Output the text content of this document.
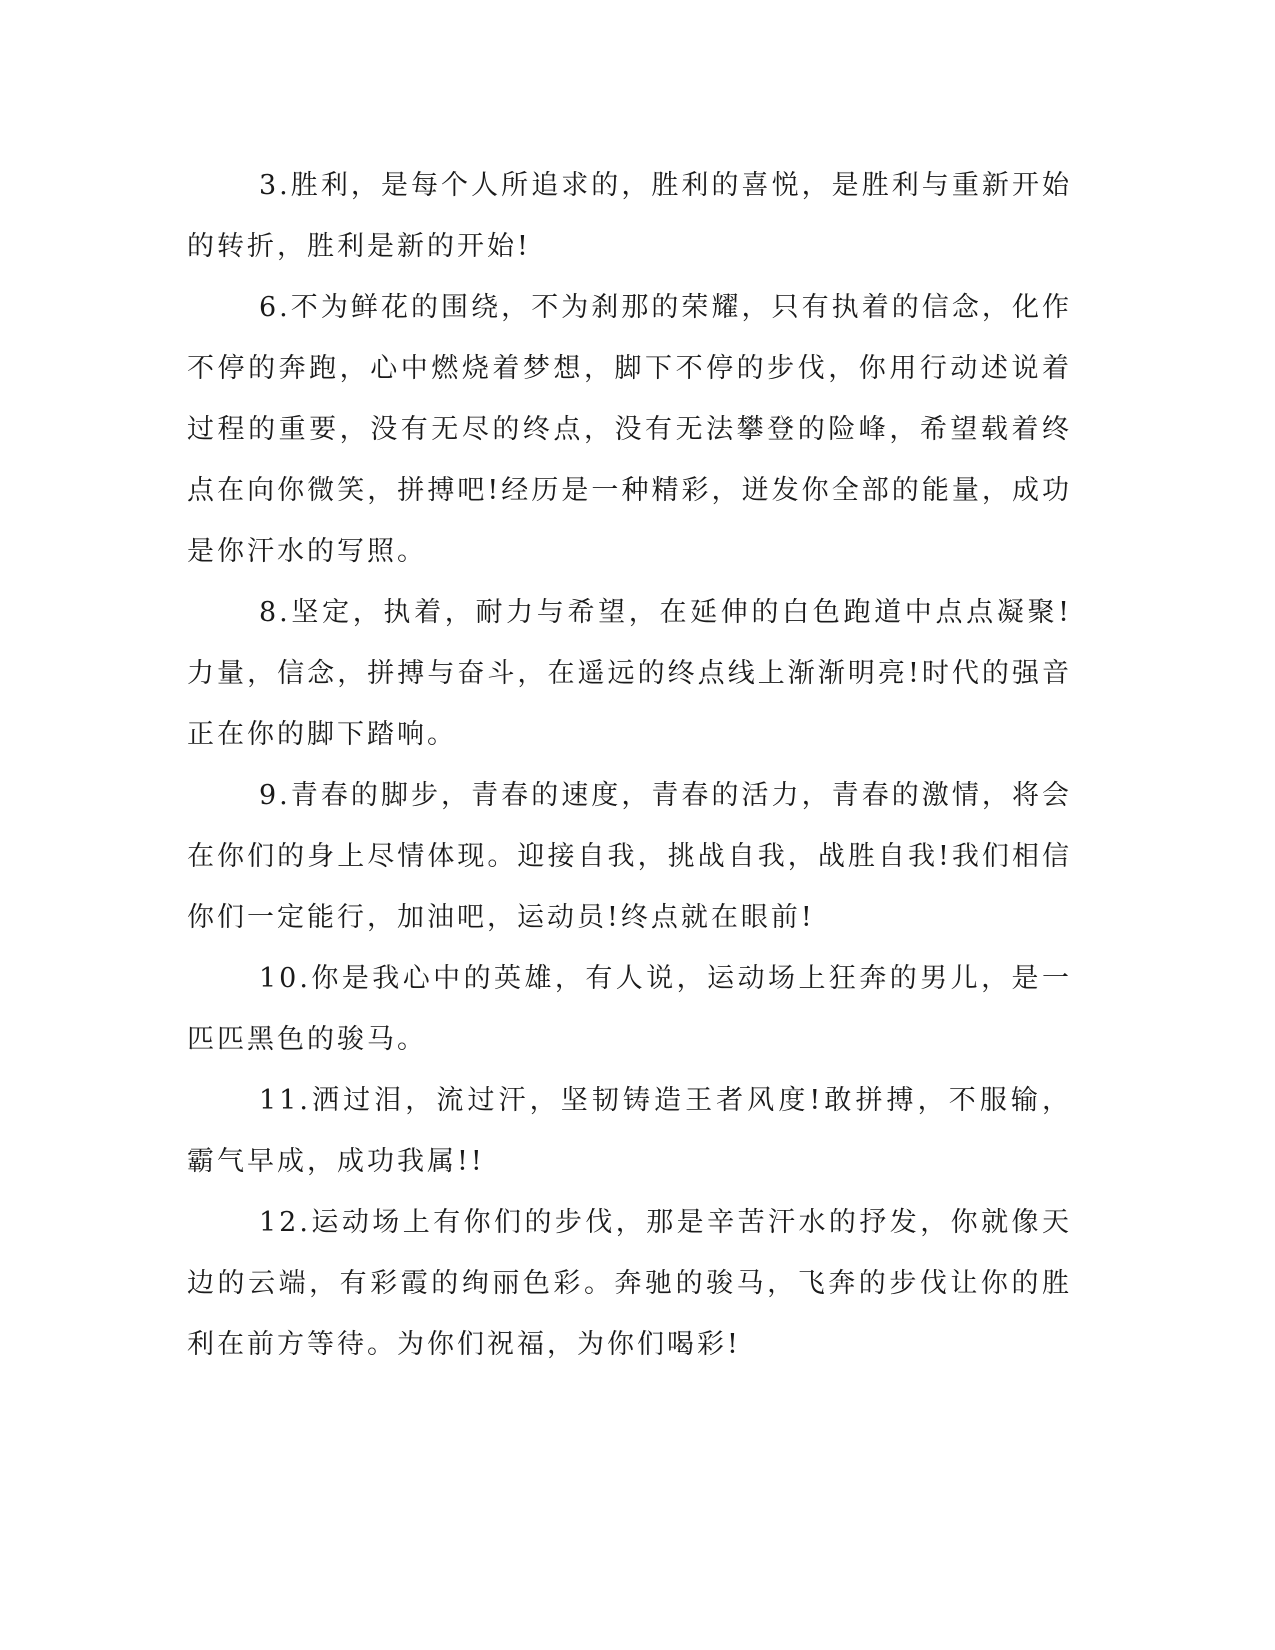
3.胜利，是每个人所追求的，胜利的喜悦，是胜利与重新开始的转折，胜利是新的开始!

6.不为鲜花的围绕，不为刹那的荣耀，只有执着的信念，化作不停的奔跑，心中燃烧着梦想，脚下不停的步伐，你用行动述说着过程的重要，没有无尽的终点，没有无法攀登的险峰，希望载着终点在向你微笑，拼搏吧!经历是一种精彩，迸发你全部的能量，成功是你汗水的写照。

8.坚定，执着，耐力与希望，在延伸的白色跑道中点点凝聚!力量，信念，拼搏与奋斗，在遥远的终点线上渐渐明亮!时代的强音正在你的脚下踏响。

9.青春的脚步，青春的速度，青春的活力，青春的激情，将会在你们的身上尽情体现。迎接自我，挑战自我，战胜自我!我们相信你们一定能行，加油吧，运动员!终点就在眼前!

10.你是我心中的英雄，有人说，运动场上狂奔的男儿，是一匹匹黑色的骏马。

11.洒过泪，流过汗，坚韧铸造王者风度!敢拼搏，不服输，霸气早成，成功我属!!

12.运动场上有你们的步伐，那是辛苦汗水的抒发，你就像天边的云端，有彩霞的绚丽色彩。奔驰的骏马，飞奔的步伐让你的胜利在前方等待。为你们祝福，为你们喝彩!
